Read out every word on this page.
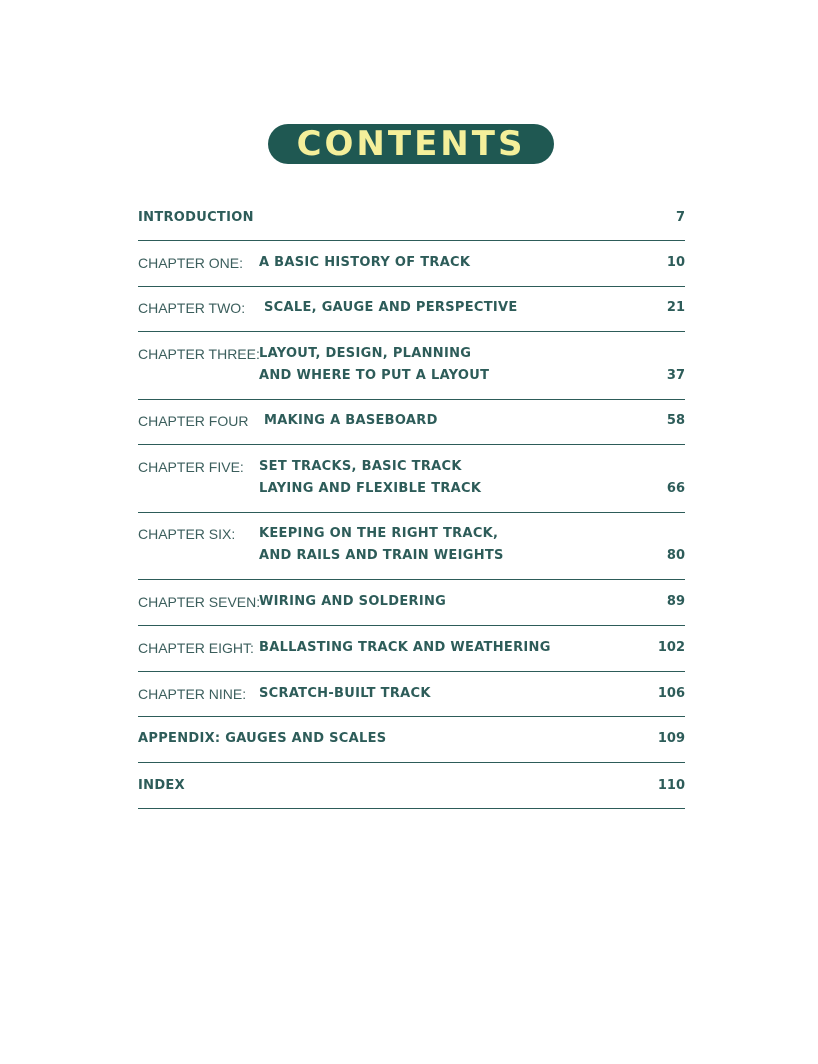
CONTENTS
INTRODUCTION	7
CHAPTER ONE: A BASIC HISTORY OF TRACK	10
CHAPTER TWO: SCALE, GAUGE AND PERSPECTIVE	21
CHAPTER THREE: LAYOUT, DESIGN, PLANNING
AND WHERE TO PUT A LAYOUT	37
CHAPTER FOUR MAKING A BASEBOARD	58
CHAPTER FIVE: SET TRACKS, BASIC TRACK
LAYING AND FLEXIBLE TRACK	66
CHAPTER SIX: KEEPING ON THE RIGHT TRACK,
AND RAILS AND TRAIN WEIGHTS	80
CHAPTER SEVEN:
WIRING AND SOLDERING	89
CHAPTER EIGHT: BALLASTING TRACK AND WEATHERING	102
CHAPTER NINE: SCRATCH-BUILT TRACK	106
APPENDIX: GAUGES AND SCALES	109
INDEX	110
